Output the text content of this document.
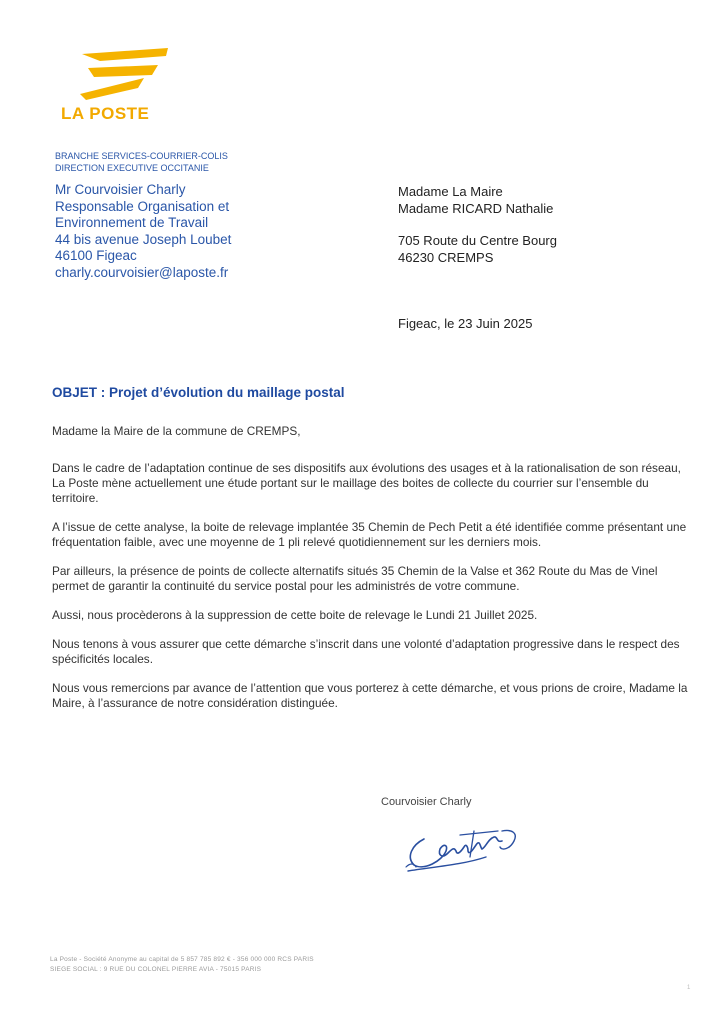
LA POSTE
BRANCHE SERVICES-COURRIER-COLIS
DIRECTION EXECUTIVE OCCITANIE
Mr Courvoisier Charly
Responsable Organisation et
Environnement de Travail
44 bis avenue Joseph Loubet
46100 Figeac
charly.courvoisier@laposte.fr
Madame La Maire
Madame RICARD Nathalie
705 Route du Centre Bourg
46230 CREMPS
Figeac, le 23 Juin 2025
OBJET : Projet d’évolution du maillage postal

Madame la Maire de la commune de CREMPS,

Dans le cadre de l’adaptation continue de ses dispositifs aux évolutions des usages et à la rationalisation de son réseau, La Poste mène actuellement une étude portant sur le maillage des boites de collecte du courrier sur l’ensemble du territoire.

A l’issue de cette analyse, la boite de relevage implantée 35 Chemin de Pech Petit a été identifiée comme présentant une fréquentation faible, avec une moyenne de 1 pli relevé quotidiennement sur les derniers mois.

Par ailleurs, la présence de points de collecte alternatifs situés 35 Chemin de la Valse et 362 Route du Mas de Vinel permet de garantir la continuité du service postal pour les administrés de votre commune.

Aussi, nous procèderons à la suppression de cette boite de relevage le Lundi 21 Juillet 2025.

Nous tenons à vous assurer que cette démarche s’inscrit dans une volonté d’adaptation progressive dans le respect des spécificités locales.

Nous vous remercions par avance de l’attention que vous porterez à cette démarche, et vous prions de croire, Madame la Maire, à l’assurance de notre considération distinguée.

Courvoisier Charly
La Poste - Société Anonyme au capital de 5 857 785 892 € - 356 000 000 RCS PARIS
SIEGE SOCIAL : 9 RUE DU COLONEL PIERRE AVIA - 75015 PARIS
1
